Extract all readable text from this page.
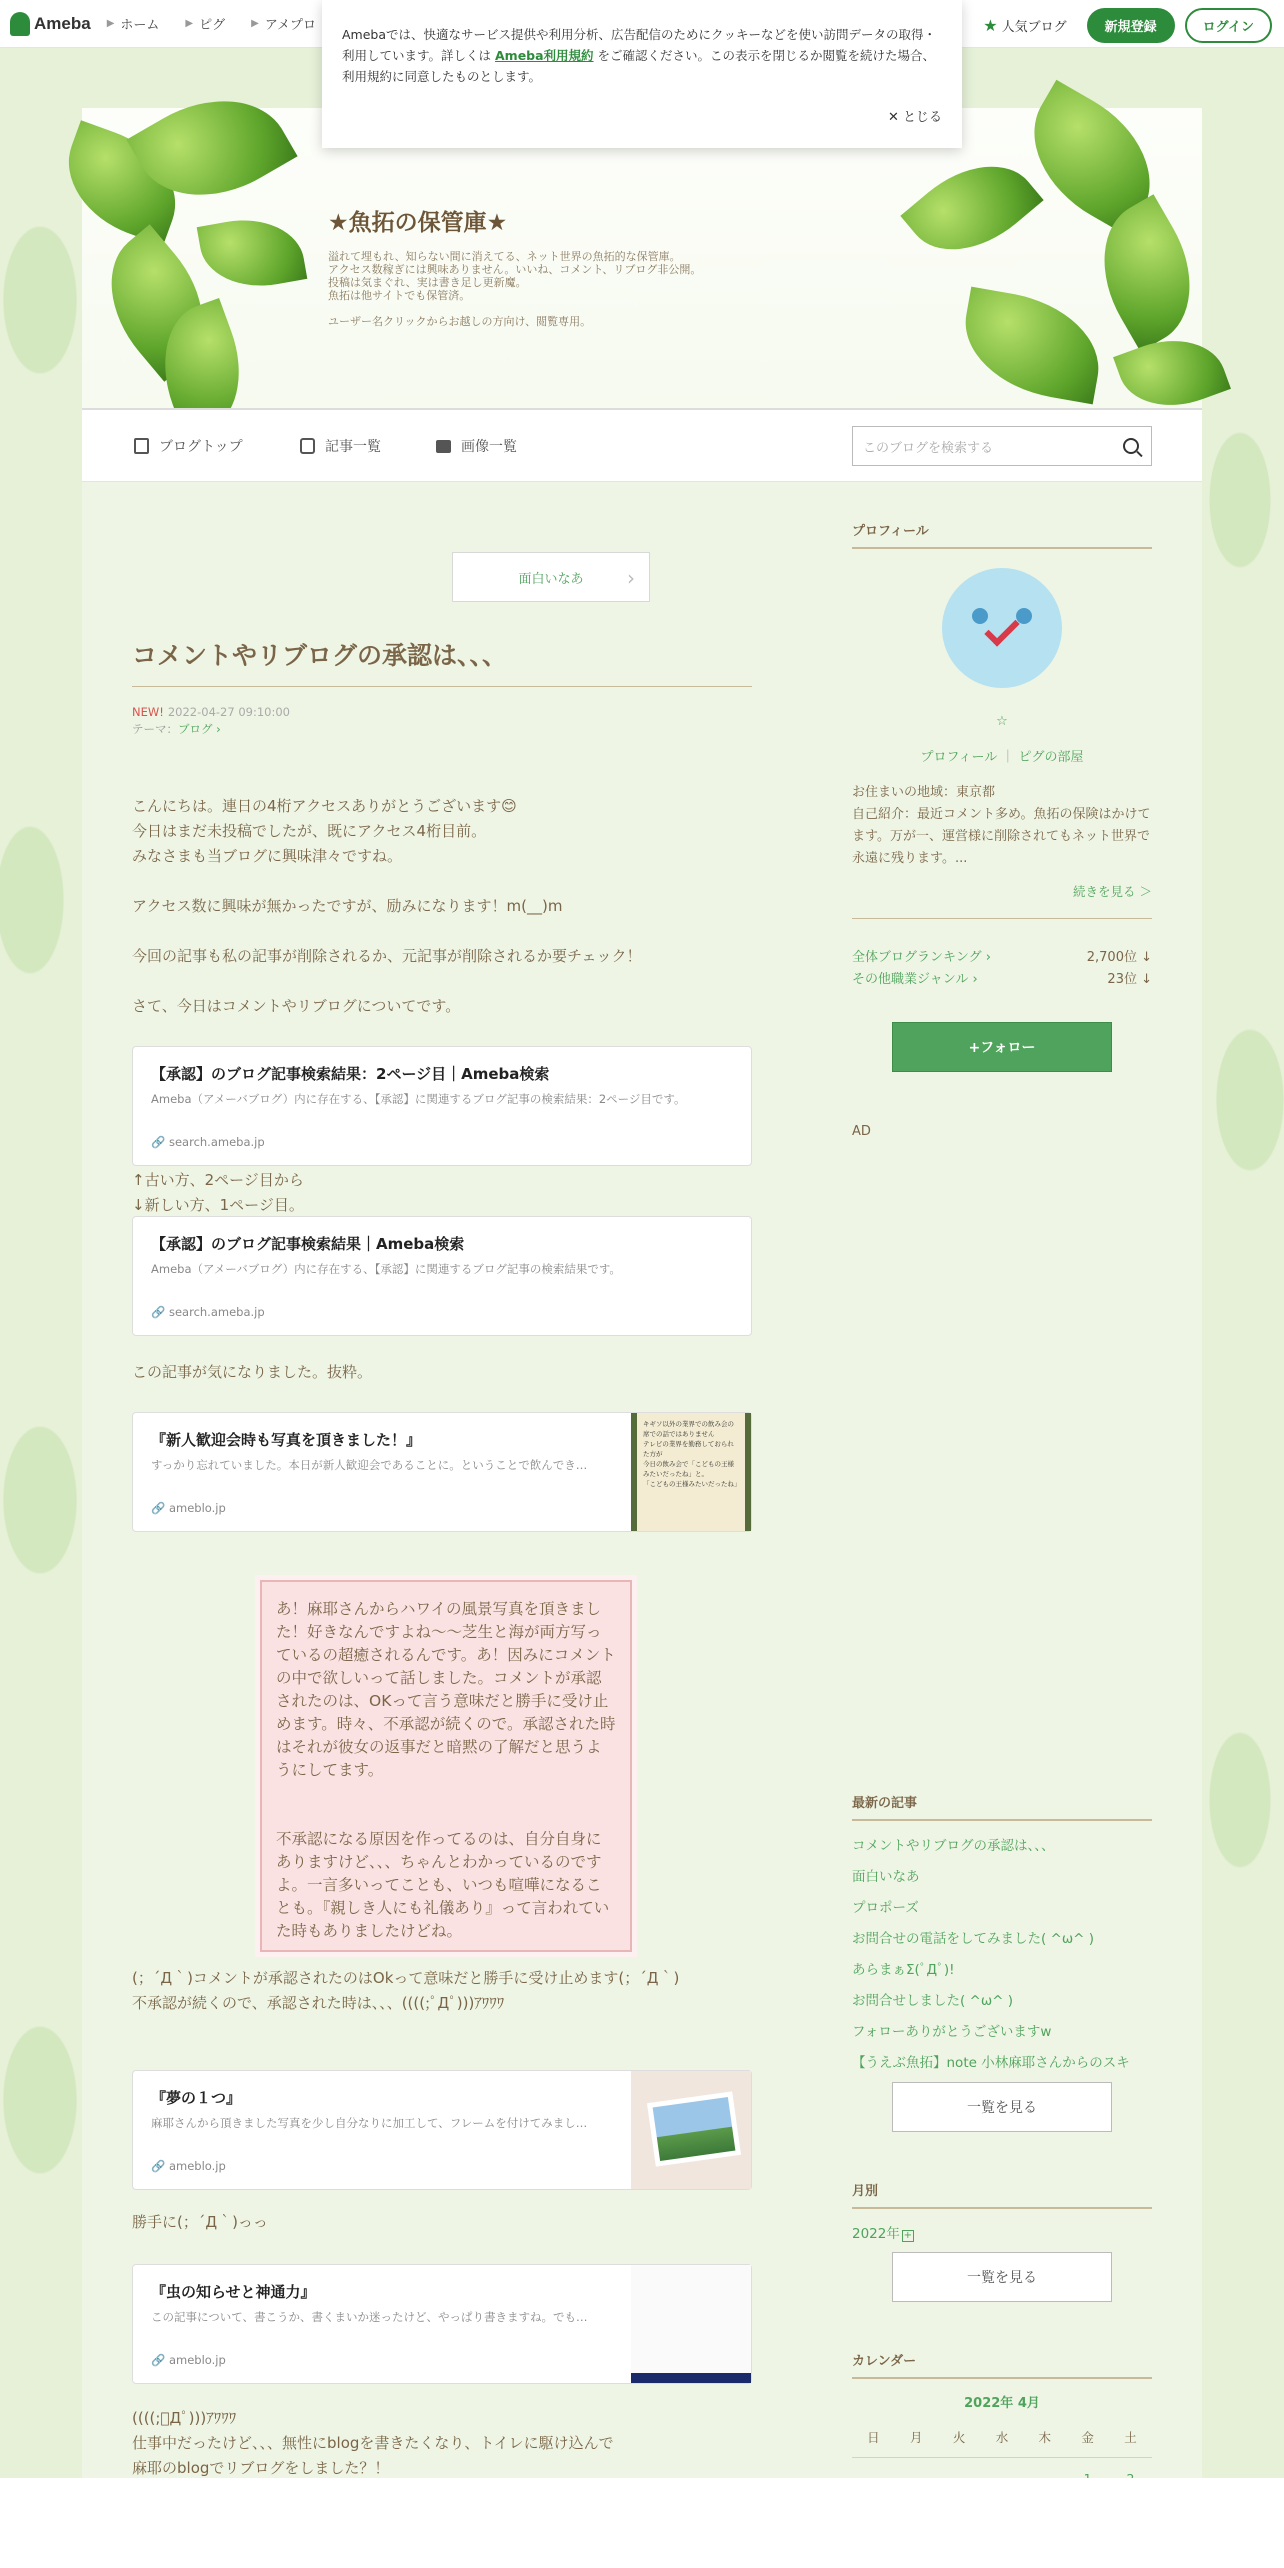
Ameba ▶ ホーム	▶ ピグ	▶ アメプロ	★ 人気ブログ	新規登録	ログイン
Amebaでは、快適なサービス提供や利用分析、広告配信のためにクッキーなどを使い訪問データの取得・利用しています。詳しくは Ameba利用規約 をご確認ください。この表示を閉じるか閲覧を続けた場合、利用規約に同意したものとします。
✕ とじる
★魚拓の保管庫★
溢れて埋もれ、知らない間に消えてる、ネット世界の魚拓的な保管庫。
アクセス数稼ぎには興味ありません。いいね、コメント、リブログ非公開。
投稿は気まぐれ、実は書き足し更新魔。
魚拓は他サイトでも保管済。

ユーザー名クリックからお越しの方向け、閲覧専用。
ブログトップ	記事一覧	画像一覧	このブログを検索する
面白いなあ ›
コメントやリブログの承認は、、、
NEW! 2022-04-27 09:10:00
テーマ：ブログ ›
こんにちは。連日の4桁アクセスありがとうございます😊
今日はまだ未投稿でしたが、既にアクセス4桁目前。
みなさまも当ブログに興味津々ですね。

アクセス数に興味が無かったですが、励みになります！m(__)m

今回の記事も私の記事が削除されるか、元記事が削除されるか要チェック！

さて、今日はコメントやリブログについてです。
【承認】のブログ記事検索結果：2ページ目｜Ameba検索
Ameba（アメーバブログ）内に存在する、【承認】に関連するブログ記事の検索結果：2ページ目です。
🔗 search.ameba.jp
↑古い方、2ページ目から
↓新しい方、1ページ目。
【承認】のブログ記事検索結果｜Ameba検索
Ameba（アメーバブログ）内に存在する、【承認】に関連するブログ記事の検索結果です。
🔗 search.ameba.jp
この記事が気になりました。抜粋。
『新人歓迎会時も写真を頂きました！』
すっかり忘れていました。本日が新人歓迎会であることに。ということで飲んでき…
🔗 ameblo.jp
キギソ以外の業界での飲み会の席での話ではありません
テレビの業界を勤務しておられた方が
今日の飲み会で「こどもの王様みたいだったね」と。
「こどもの王様みたいだったね」
あ！麻耶さんからハワイの風景写真を頂きました！好きなんですよね～～芝生と海が両方写っているの超癒されるんです。あ！因みにコメントの中で欲しいって話しました。コメントが承認されたのは、OKって言う意味だと勝手に受け止めます。時々、不承認が続くので。承認された時はそれが彼女の返事だと暗黙の了解だと思うようにしてます。

不承認になる原因を作ってるのは、自分自身にありますけど、、、ちゃんとわかっているのですよ。一言多いってことも、いつも喧嘩になることも。『親しき人にも礼儀あり』って言われていた時もありましたけどね。
(；´Д｀)コメントが承認されたのはOkって意味だと勝手に受け止めます(；´Д｀)
不承認が続くので、承認された時は、、、((((;ﾟДﾟ)))ｱﾜﾜﾜ
『夢の１つ』
麻耶さんから頂きました写真を少し自分なりに加工して、フレームを付けてみまし…
🔗 ameblo.jp
勝手に(；´Д｀)っっ
『虫の知らせと神通力』
この記事について、書こうか、書くまいか迷ったけど、やっぱり書きますね。でも…
🔗 ameblo.jp
((((;ﾟДﾟ)))ｱﾜﾜﾜ
仕事中だったけど、、、無性にblogを書きたくなり、トイレに駆け込んで
麻耶のblogでリブログをしました？！
プロフィール
☆
プロフィール ｜ ピグの部屋
お住まいの地域：東京都
自己紹介：最近コメント多め。魚拓の保険はかけてます。万が一、運営様に削除されてもネット世界で永遠に残ります。...
続きを見る ＞
全体ブログランキング ›	2,700位 ↓
その他職業ジャンル ›	23位 ↓
+フォロー
AD
最新の記事
コメントやリブログの承認は、、、
面白いなあ
プロポーズ
お問合せの電話をしてみました( ^ω^ )
あらまぁΣ(ﾟДﾟ)!
お問合せしました( ^ω^ )
フォローありがとうございますw
【うえぶ魚拓】note 小林麻耶さんからのスキ
一覧を見る
月別
2022年 +
一覧を見る
カレンダー
2022年 4月
日	月	火	水	木	金	土
